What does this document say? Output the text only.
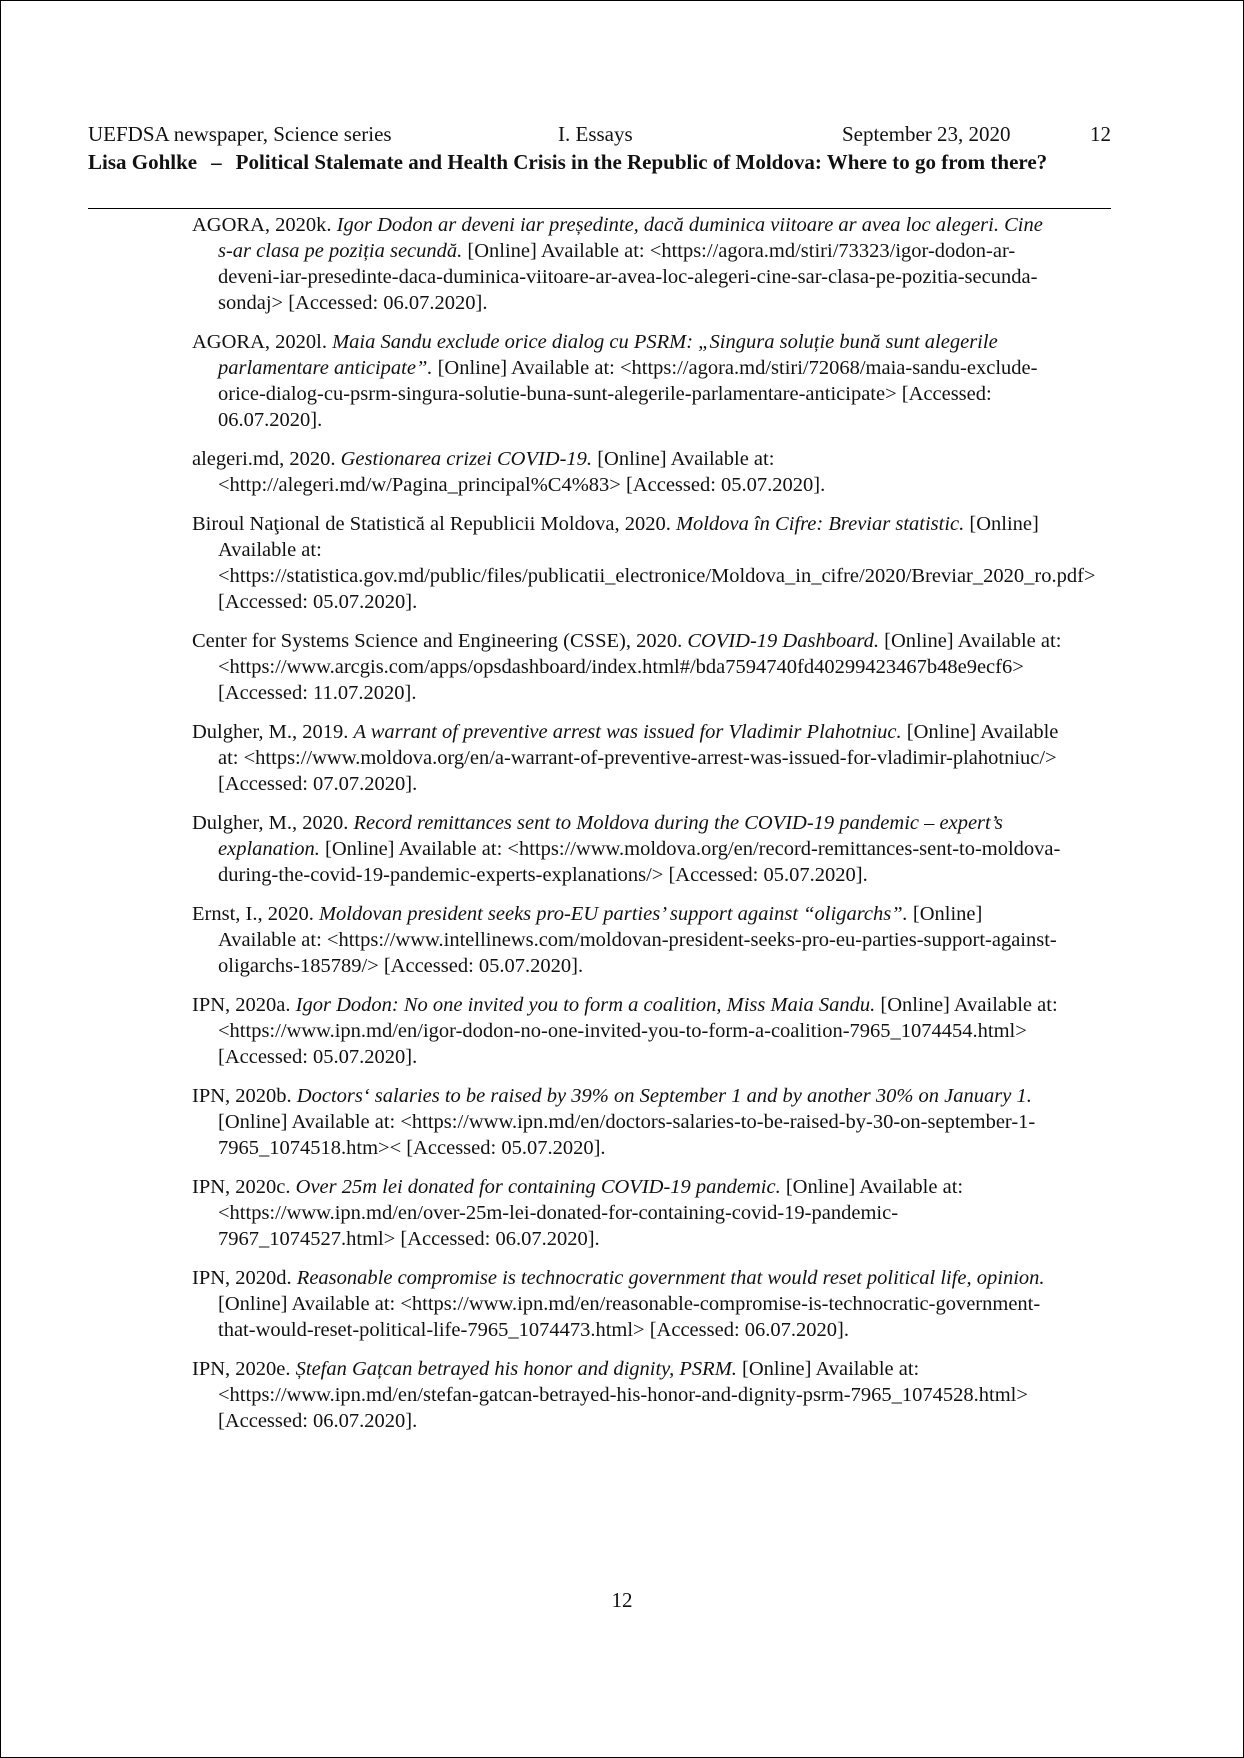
UEFDSA newspaper, Science series	I. Essays	September 23, 2020	12
Lisa Gohlke – Political Stalemate and Health Crisis in the Republic of Moldova: Where to go from there?

AGORA, 2020k. Igor Dodon ar deveni iar președinte, dacă duminica viitoare ar avea loc alegeri. Cine s-ar clasa pe poziția secundă. [Online] Available at: <https://agora.md/stiri/73323/igor-dodon-ar-deveni-iar-presedinte-daca-duminica-viitoare-ar-avea-loc-alegeri-cine-sar-clasa-pe-pozitia-secunda-sondaj> [Accessed: 06.07.2020].

AGORA, 2020l. Maia Sandu exclude orice dialog cu PSRM: „Singura soluție bună sunt alegerile parlamentare anticipate”. [Online] Available at: <https://agora.md/stiri/72068/maia-sandu-exclude-orice-dialog-cu-psrm-singura-solutie-buna-sunt-alegerile-parlamentare-anticipate> [Accessed: 06.07.2020].

alegeri.md, 2020. Gestionarea crizei COVID-19. [Online] Available at: <http://alegeri.md/w/Pagina_principal%C4%83> [Accessed: 05.07.2020].

Biroul Naţional de Statistică al Republicii Moldova, 2020. Moldova în Cifre: Breviar statistic. [Online] Available at: <https://statistica.gov.md/public/files/publicatii_electronice/Moldova_in_cifre/2020/Breviar_2020_ro.pdf> [Accessed: 05.07.2020].

Center for Systems Science and Engineering (CSSE), 2020. COVID-19 Dashboard. [Online] Available at: <https://www.arcgis.com/apps/opsdashboard/index.html#/bda7594740fd40299423467b48e9ecf6> [Accessed: 11.07.2020].

Dulgher, M., 2019. A warrant of preventive arrest was issued for Vladimir Plahotniuc. [Online] Available at: <https://www.moldova.org/en/a-warrant-of-preventive-arrest-was-issued-for-vladimir-plahotniuc/> [Accessed: 07.07.2020].

Dulgher, M., 2020. Record remittances sent to Moldova during the COVID-19 pandemic – expert’s explanation. [Online] Available at: <https://www.moldova.org/en/record-remittances-sent-to-moldova-during-the-covid-19-pandemic-experts-explanations/> [Accessed: 05.07.2020].

Ernst, I., 2020. Moldovan president seeks pro-EU parties’ support against “oligarchs”. [Online] Available at: <https://www.intellinews.com/moldovan-president-seeks-pro-eu-parties-support-against-oligarchs-185789/> [Accessed: 05.07.2020].

IPN, 2020a. Igor Dodon: No one invited you to form a coalition, Miss Maia Sandu. [Online] Available at: <https://www.ipn.md/en/igor-dodon-no-one-invited-you-to-form-a-coalition-7965_1074454.html> [Accessed: 05.07.2020].

IPN, 2020b. Doctors‘ salaries to be raised by 39% on September 1 and by another 30% on January 1. [Online] Available at: <https://www.ipn.md/en/doctors-salaries-to-be-raised-by-30-on-september-1-7965_1074518.htm>< [Accessed: 05.07.2020].

IPN, 2020c. Over 25m lei donated for containing COVID-19 pandemic. [Online] Available at: <https://www.ipn.md/en/over-25m-lei-donated-for-containing-covid-19-pandemic-7967_1074527.html> [Accessed: 06.07.2020].

IPN, 2020d. Reasonable compromise is technocratic government that would reset political life, opinion. [Online] Available at: <https://www.ipn.md/en/reasonable-compromise-is-technocratic-government-that-would-reset-political-life-7965_1074473.html> [Accessed: 06.07.2020].

IPN, 2020e. Ștefan Gațcan betrayed his honor and dignity, PSRM. [Online] Available at: <https://www.ipn.md/en/stefan-gatcan-betrayed-his-honor-and-dignity-psrm-7965_1074528.html> [Accessed: 06.07.2020].

12
